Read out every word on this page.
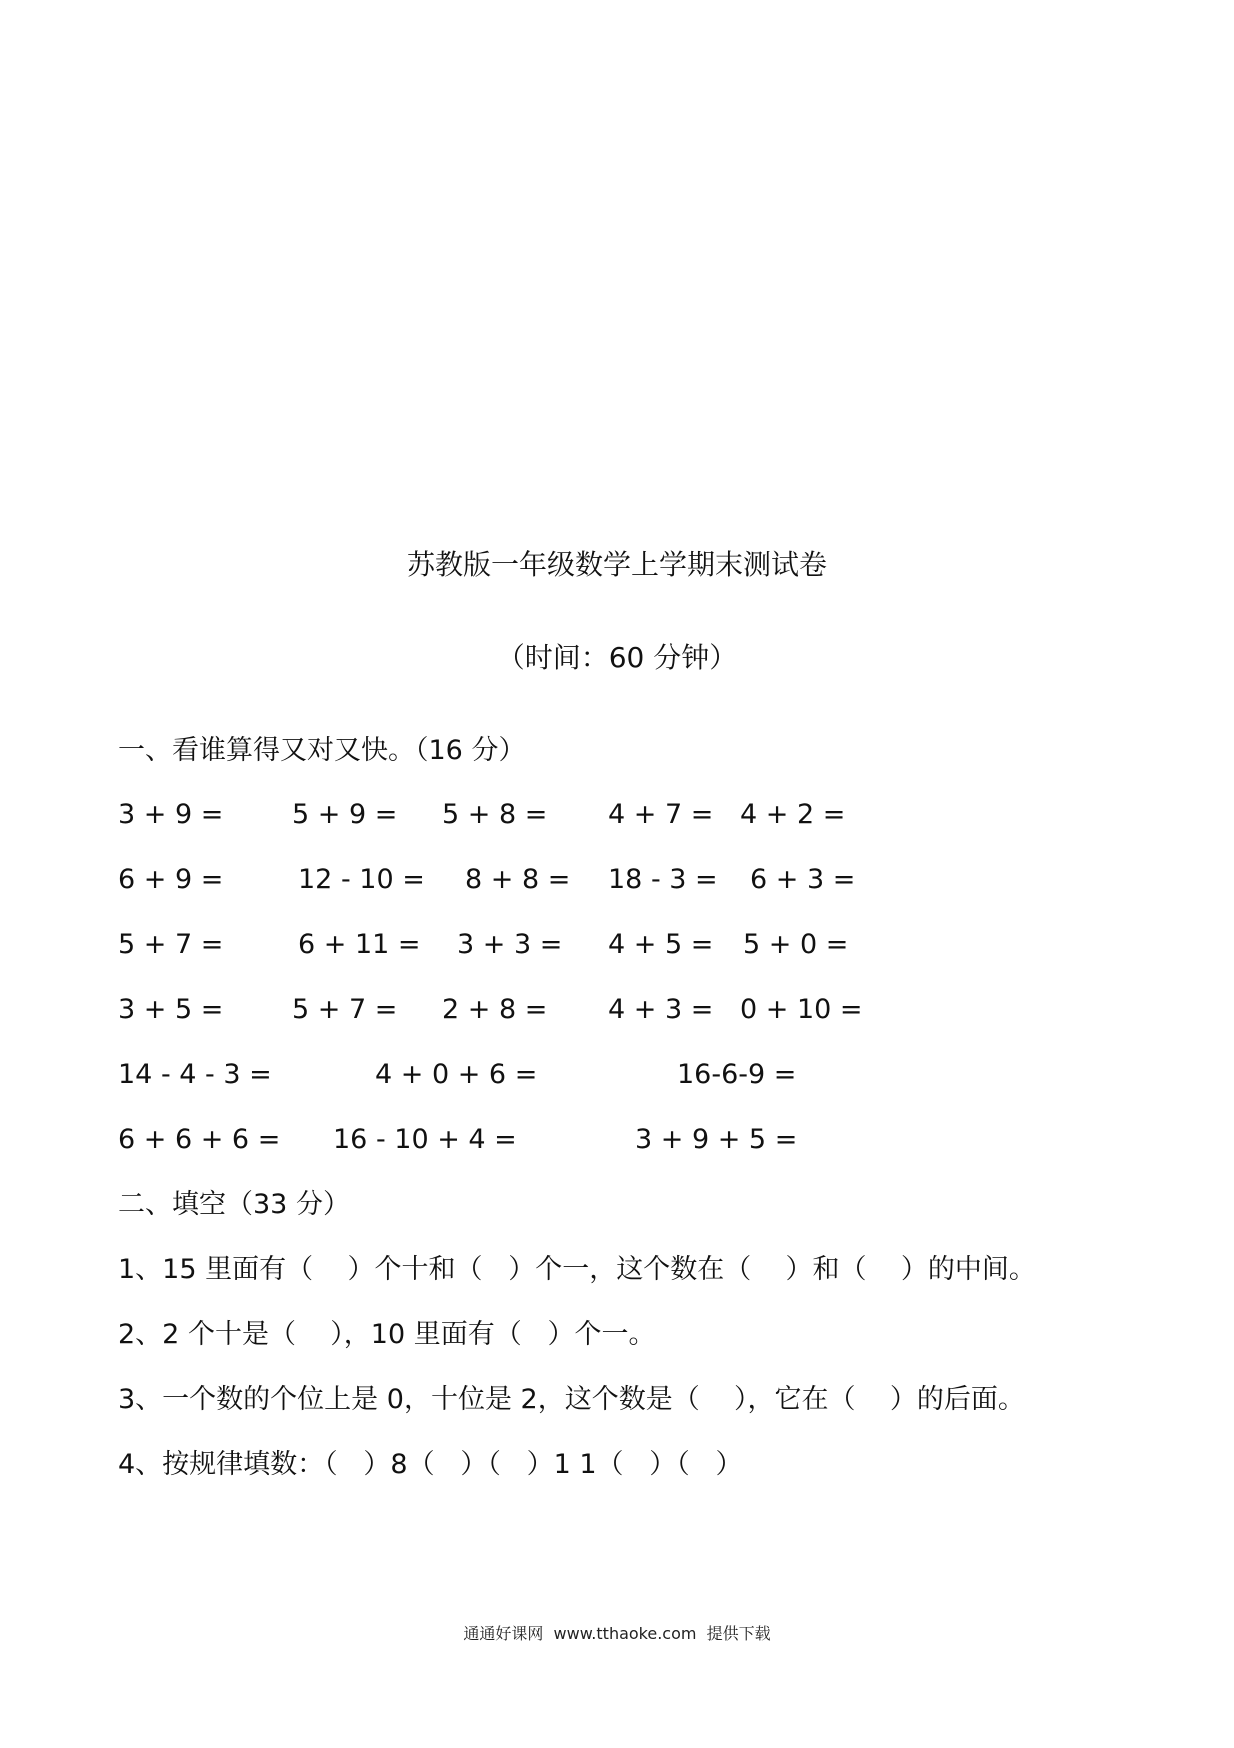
苏教版一年级数学上学期末测试卷
（时间：60 分钟）
一、看谁算得又对又快。（16 分）
3 + 9 =	5 + 9 = 5 + 8 = 4 + 7 = 4 + 2 =
6 + 9 =	12 - 10 = 8 + 8 = 18 - 3 = 6 + 3 =
5 + 7 =	6 + 11 = 3 + 3 = 4 + 5 = 5 + 0 =
3 + 5 =	5 + 7 = 2 + 8 = 4 + 3 = 0 + 10 =
14 - 4 - 3 =	4 + 0 + 6 =	16-6-9 =
6 + 6 + 6 = 16 - 10 + 4 =	3 + 9 + 5 =
二、填空（33 分）
1、15 里面有（    ）个十和（   ）个一，这个数在（    ）和（    ）的中间。
2、2 个十是（    ），10 里面有（   ）个一。
3、一个数的个位上是 0，十位是 2，这个数是（    ），它在（    ）的后面。
4、按规律填数：（   ）8（   ）（   ）1 1（   ）（   ）
通通好课网  www.tthaoke.com  提供下载
